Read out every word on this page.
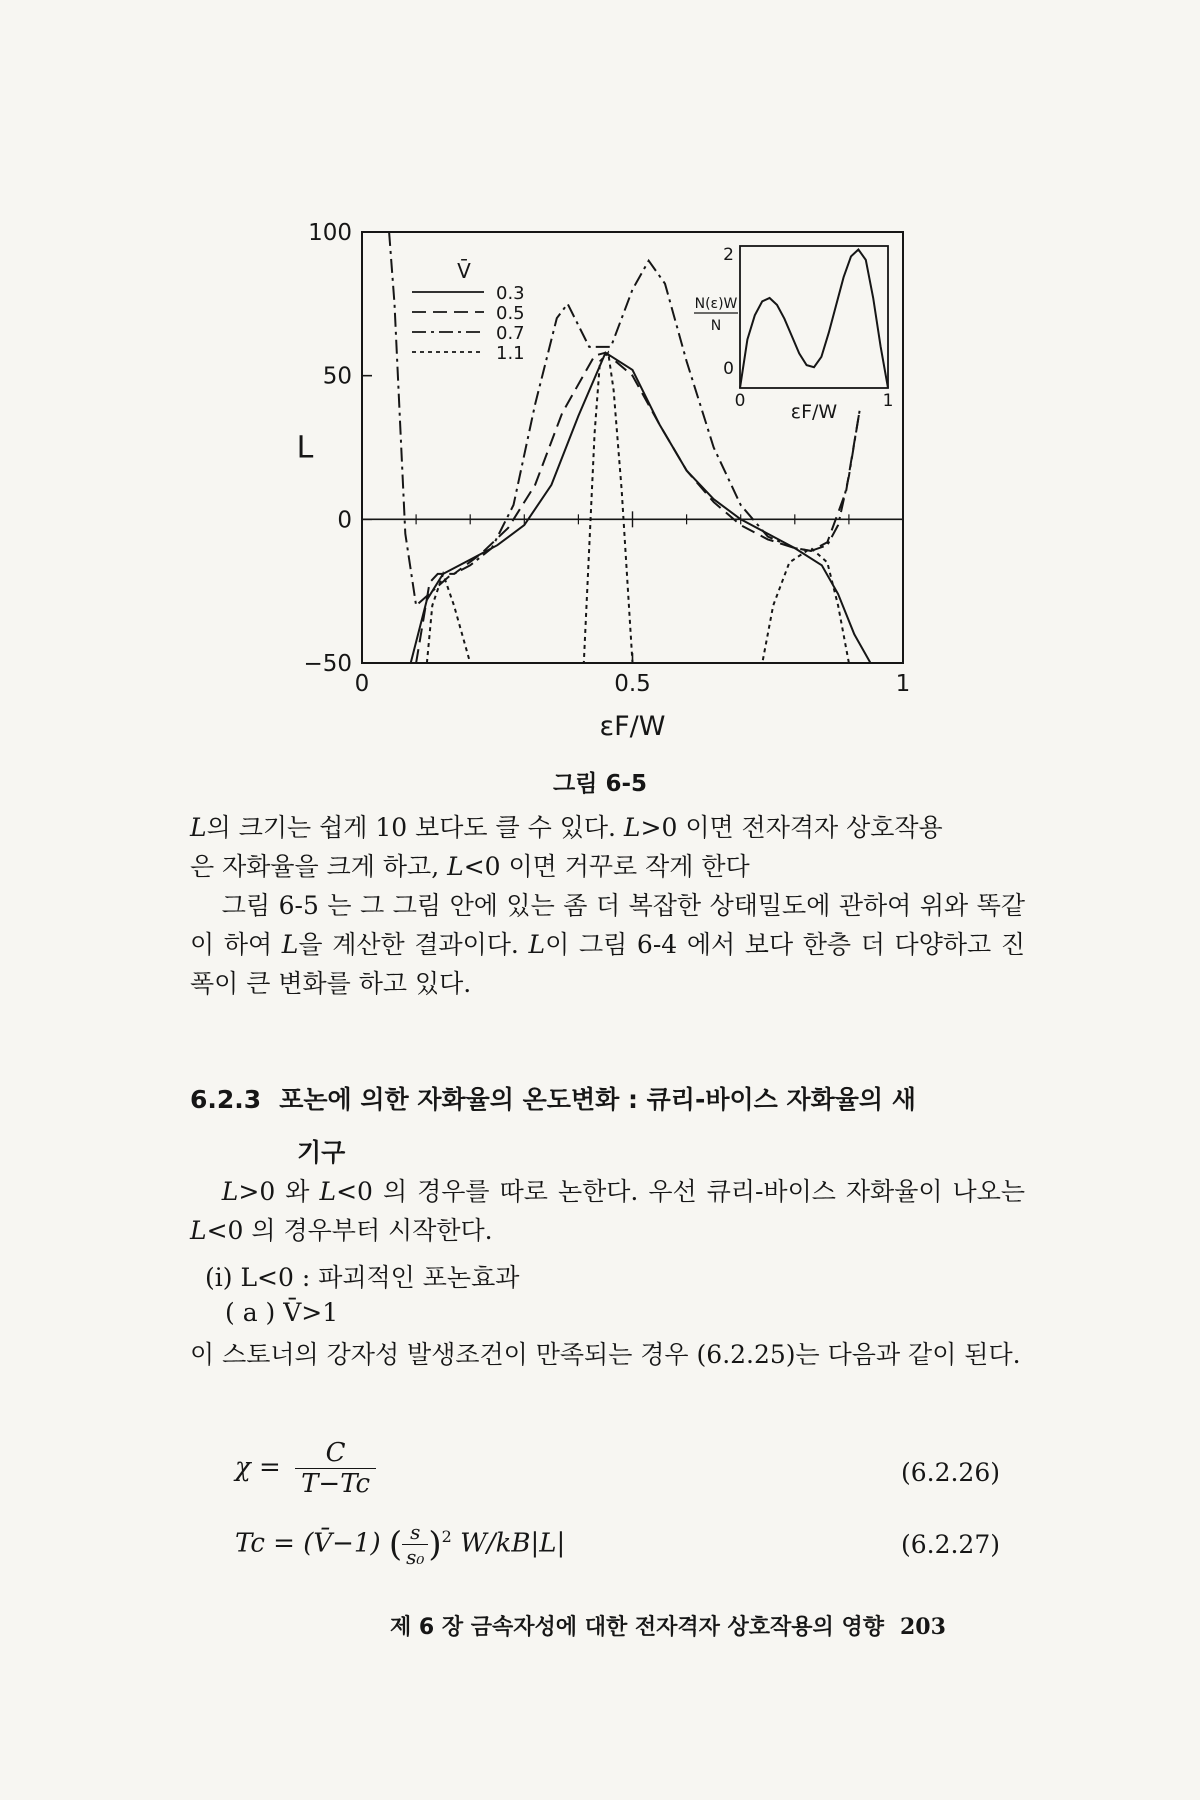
100
50
0
−50
0	0.5	1
εF/W
L
V̄
0.3
0.5
0.7
1.1
2
0
0	1
εF/W
N(ε)W
N
그림 6-5

L의 크기는 쉽게 10 보다도 클 수 있다. L>0 이면 전자격자 상호작용
은 자화율을 크게 하고, L<0 이면 거꾸로 작게 한다

그림 6-5 는 그 그림 안에 있는 좀 더 복잡한 상태밀도에 관하여 위와 똑같이 하여 L을 계산한 결과이다. L이 그림 6-4 에서 보다 한층 더 다양하고 진폭이 큰 변화를 하고 있다.

6.2.3 포논에 의한 자화율의 온도변화 : 큐리-바이스 자화율의 새
기구

L>0 와 L<0 의 경우를 따로 논한다. 우선 큐리-바이스 자화율이 나오는 L<0 의 경우부터 시작한다.

(i) L<0 : 파괴적인 포논효과
( a ) V̄>1

이 스토너의 강자성 발생조건이 만족되는 경우 (6.2.25)는 다음과 같이 된다.

$\chi = \frac{C}{T-Tc}$	(6.2.26)
Tc = (V̄−1) ( $\frac{s}{\text{s₀}} )^2$ W/kB|L|	(6.2.27)
제 6 장 금속자성에 대한 전자격자 상호작용의 영향 203
